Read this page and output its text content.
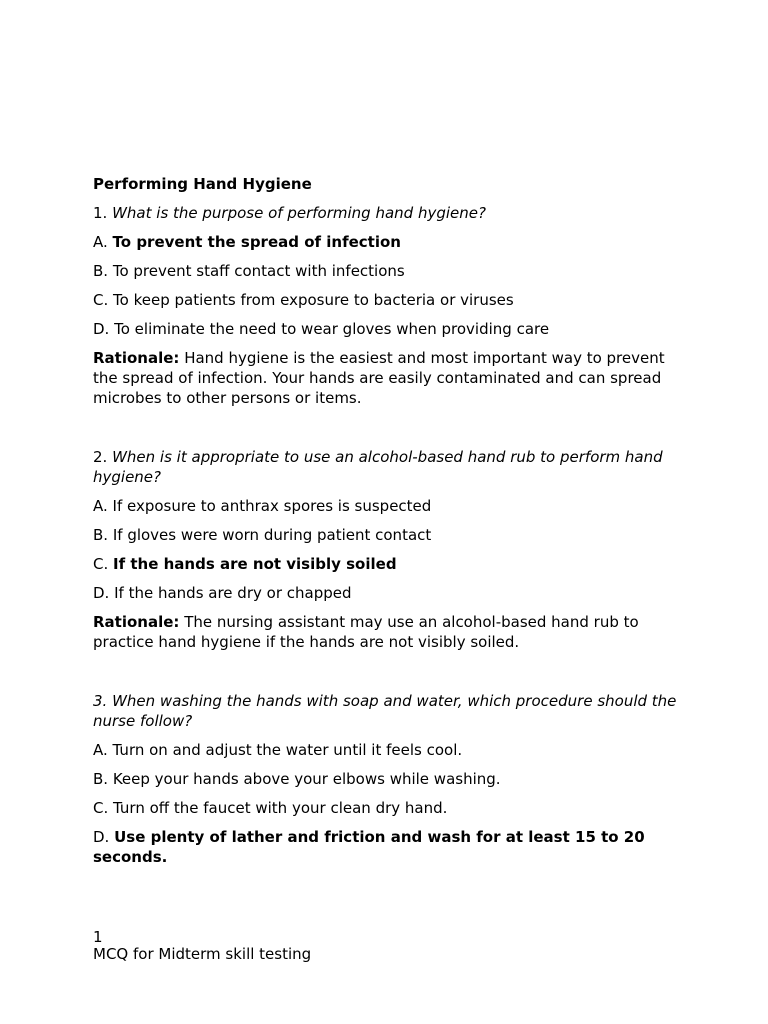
Performing Hand Hygiene

1. What is the purpose of performing hand hygiene?

A. To prevent the spread of infection

B. To prevent staff contact with infections

C. To keep patients from exposure to bacteria or viruses

D. To eliminate the need to wear gloves when providing care

Rationale: Hand hygiene is the easiest and most important way to prevent the spread of infection. Your hands are easily contaminated and can spread microbes to other persons or items.

2. When is it appropriate to use an alcohol-based hand rub to perform hand hygiene?

A. If exposure to anthrax spores is suspected

B. If gloves were worn during patient contact

C. If the hands are not visibly soiled

D. If the hands are dry or chapped

Rationale: The nursing assistant may use an alcohol-based hand rub to practice hand hygiene if the hands are not visibly soiled.

3. When washing the hands with soap and water, which procedure should the nurse follow?

A. Turn on and adjust the water until it feels cool.

B. Keep your hands above your elbows while washing.

C. Turn off the faucet with your clean dry hand.

D. Use plenty of lather and friction and wash for at least 15 to 20 seconds.

1
MCQ for Midterm skill testing
